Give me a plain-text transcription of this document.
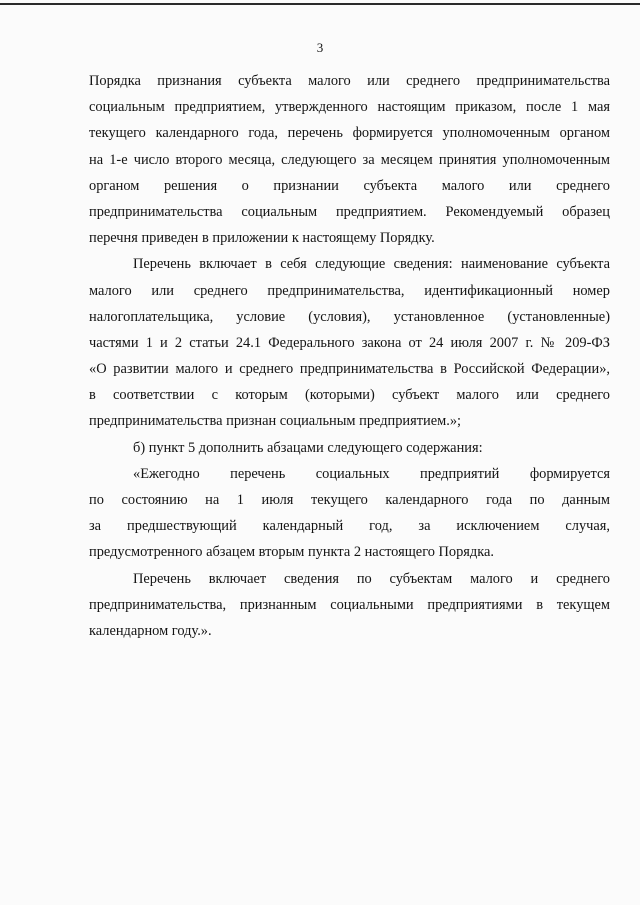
3
Порядка признания субъекта малого или среднего предпринимательства
социальным предприятием, утвержденного настоящим приказом, после 1 мая
текущего календарного года, перечень формируется уполномоченным органом
на 1-е число второго месяца, следующего за месяцем принятия уполномоченным
органом решения о признании субъекта малого или среднего
предпринимательства социальным предприятием. Рекомендуемый образец
перечня приведен в приложении к настоящему Порядку.
Перечень включает в себя следующие сведения: наименование субъекта
малого или среднего предпринимательства, идентификационный номер
налогоплательщика, условие (условия), установленное (установленные)
частями 1 и 2 статьи 24.1 Федерального закона от 24 июля 2007 г. № 209-ФЗ
«О развитии малого и среднего предпринимательства в Российской Федерации»,
в соответствии с которым (которыми) субъект малого или среднего
предпринимательства признан социальным предприятием.»;
б) пункт 5 дополнить абзацами следующего содержания:
«Ежегодно перечень социальных предприятий формируется
по состоянию на 1 июля текущего календарного года по данным
за предшествующий календарный год, за исключением случая,
предусмотренного абзацем вторым пункта 2 настоящего Порядка.
Перечень включает сведения по субъектам малого и среднего
предпринимательства, признанным социальными предприятиями в текущем
календарном году.».
